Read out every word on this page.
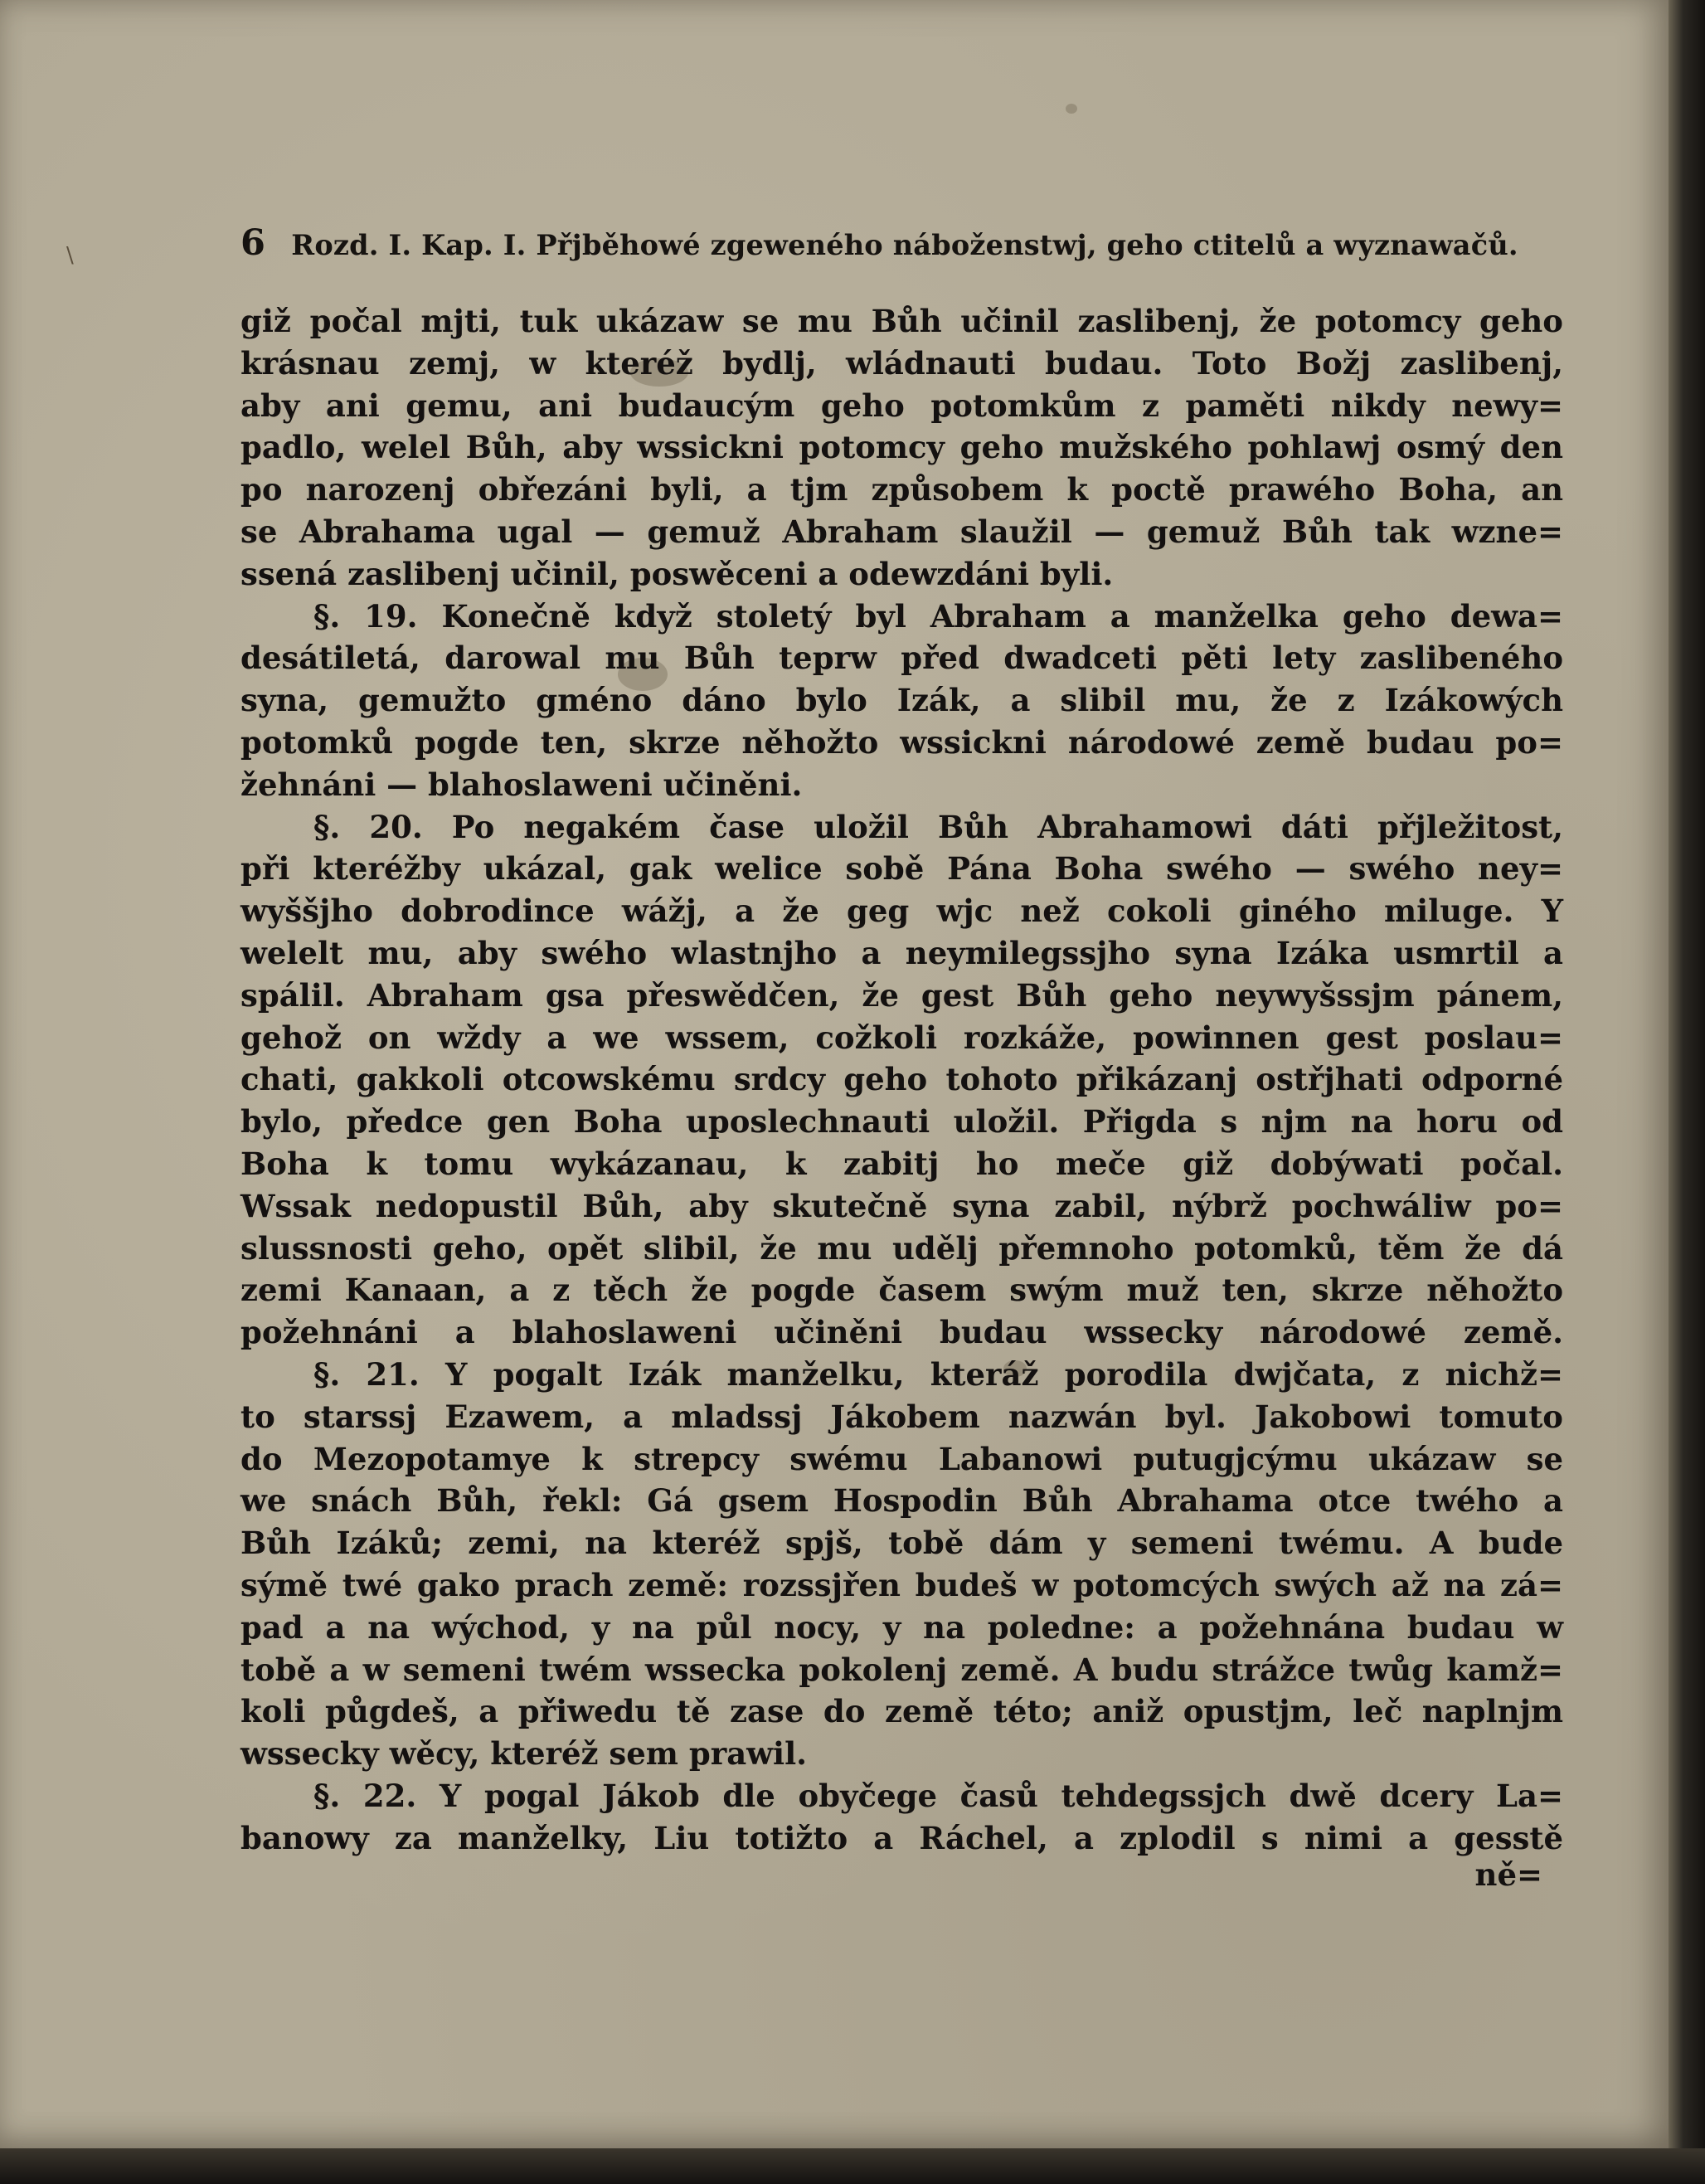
\	6 Rozd. I. Kap. I. Přjběhowé zgeweného náboženstwj, geho ctitelů a wyznawačů.
giž počal mjti, tuk ukázaw se mu Bůh učinil zaslibenj, že potomcy geho
krásnau zemj, w kteréž bydlj, wládnauti budau. Toto Božj zaslibenj,
aby ani gemu, ani budaucým geho potomkům z paměti nikdy newy=
padlo, welel Bůh, aby wssickni potomcy geho mužského pohlawj osmý den
po narozenj obřezáni byli, a tjm způsobem k poctě prawého Boha, an
se Abrahama ugal — gemuž Abraham slaužil — gemuž Bůh tak wzne=
ssená zaslibenj učinil, poswěceni a odewzdáni byli.
§. 19. Konečně když stoletý byl Abraham a manželka geho dewa=
desátiletá, darowal mu Bůh teprw před dwadceti pěti lety zaslibeného
syna, gemužto gméno dáno bylo Izák, a slibil mu, že z Izákowých
potomků pogde ten, skrze něhožto wssickni národowé země budau po=
žehnáni — blahoslaweni učiněni.
§. 20. Po negakém čase uložil Bůh Abrahamowi dáti přjležitost,
při kteréžby ukázal, gak welice sobě Pána Boha swého — swého ney=
wyššjho dobrodince wážj, a že geg wjc než cokoli giného miluge. Y
welelt mu, aby swého wlastnjho a neymilegssjho syna Izáka usmrtil a
spálil. Abraham gsa přeswědčen, že gest Bůh geho neywyšssjm pánem,
gehož on wždy a we wssem, cožkoli rozkáže, powinnen gest poslau=
chati, gakkoli otcowskému srdcy geho tohoto přikázanj ostřjhati odporné
bylo, předce gen Boha uposlechnauti uložil. Přigda s njm na horu od
Boha k tomu wykázanau, k zabitj ho meče giž dobýwati počal.
Wssak nedopustil Bůh, aby skutečně syna zabil, nýbrž pochwáliw po=
slussnosti geho, opět slibil, že mu udělj přemnoho potomků, těm že dá
zemi Kanaan, a z těch že pogde časem swým muž ten, skrze něhožto
požehnáni a blahoslaweni učiněni budau wssecky národowé země.
§. 21. Y pogalt Izák manželku, kteráž porodila dwjčata, z nichž=
to starssj Ezawem, a mladssj Jákobem nazwán byl. Jakobowi tomuto
do Mezopotamye k strepcy swému Labanowi putugjcýmu ukázaw se
we snách Bůh, řekl: Gá gsem Hospodin Bůh Abrahama otce twého a
Bůh Izáků; zemi, na kteréž spjš, tobě dám y semeni twému. A bude
sýmě twé gako prach země: rozssjřen budeš w potomcých swých až na zá=
pad a na wýchod, y na půl nocy, y na poledne: a požehnána budau w
tobě a w semeni twém wssecka pokolenj země. A budu strážce twůg kamž=
koli půgdeš, a přiwedu tě zase do země této; aniž opustjm, leč naplnjm
wssecky wěcy, kteréž sem prawil.
§. 22. Y pogal Jákob dle obyčege časů tehdegssjch dwě dcery La=
banowy za manželky, Liu totižto a Ráchel, a zplodil s nimi a gesstě
ně=
